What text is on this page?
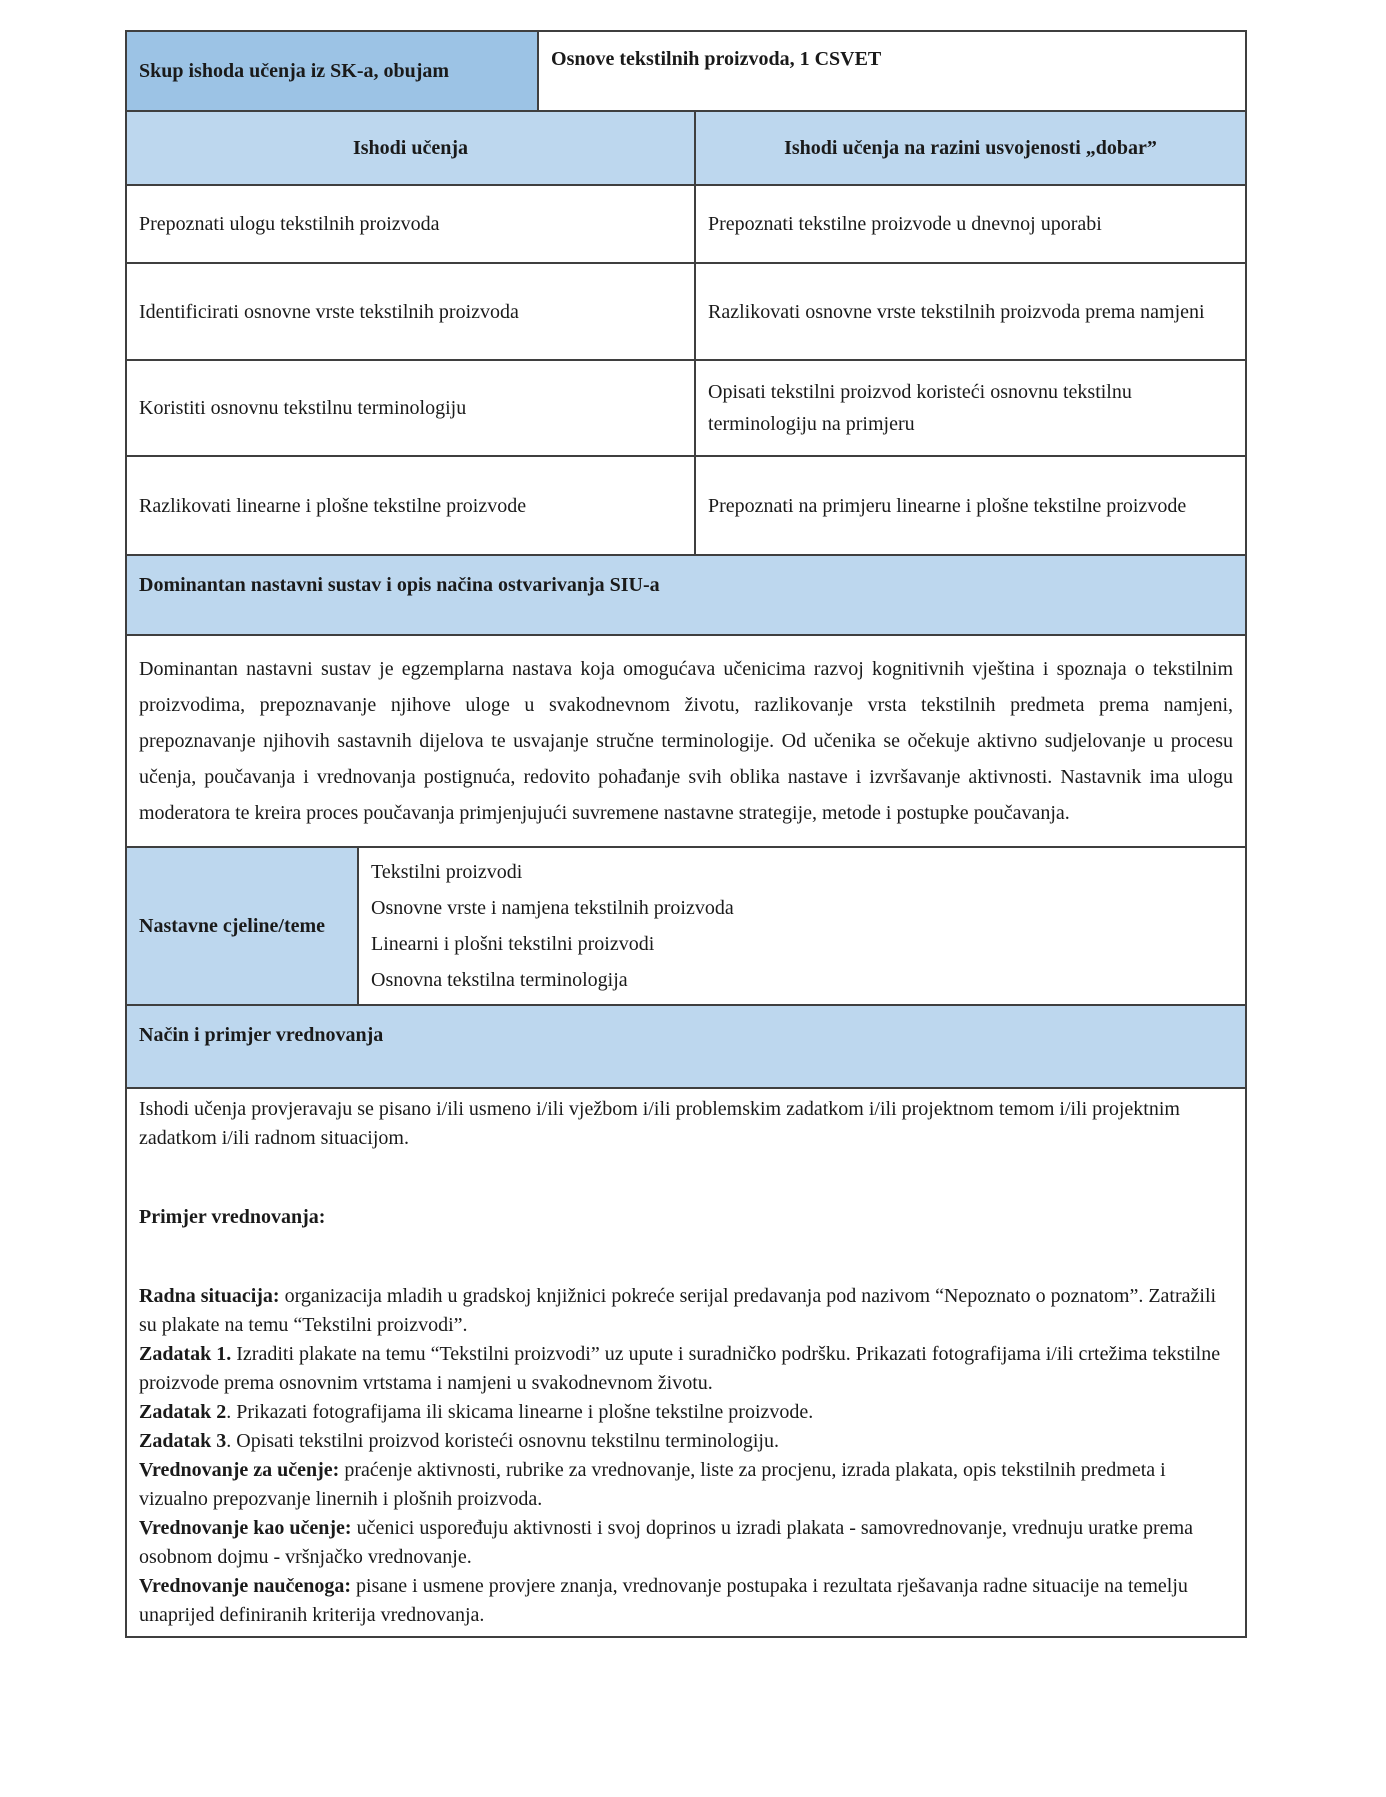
Skup ishoda učenja iz SK-a, obujam		Osnove tekstilnih proizvoda, 1 CSVET	
Ishodi učenja			Ishodi učenja na razini usvojenosti „dobar”
Prepoznati ulogu tekstilnih proizvoda			Prepoznati tekstilne proizvode u dnevnoj uporabi
Identificirati osnovne vrste tekstilnih proizvoda			Razlikovati osnovne vrste tekstilnih proizvoda prema namjeni
Koristiti osnovnu tekstilnu terminologiju			Opisati tekstilni proizvod koristeći osnovnu tekstilnu terminologiju na primjeru
Razlikovati linearne i plošne tekstilne proizvode			Prepoznati na primjeru linearne i plošne tekstilne proizvode
Dominantan nastavni sustav i opis načina ostvarivanja SIU-a			
Dominantan nastavni sustav je egzemplarna nastava koja omogućava učenicima razvoj kognitivnih vještina i spoznaja o tekstilnim proizvodima, prepoznavanje njihove uloge u svakodnevnom životu, razlikovanje vrsta tekstilnih predmeta prema namjeni, prepoznavanje njihovih sastavnih dijelova te usvajanje stručne terminologije. Od učenika se očekuje aktivno sudjelovanje u procesu učenja, poučavanja i vrednovanja postignuća, redovito pohađanje svih oblika nastave i izvršavanje aktivnosti. Nastavnik ima ulogu moderatora te kreira proces poučavanja primjenjujući suvremene nastavne strategije, metode i postupke poučavanja.			
Nastavne cjeline/teme	Tekstilni proizvodi
Osnovne vrste i namjena tekstilnih proizvoda
Linearni i plošni tekstilni proizvodi
Osnovna tekstilna terminologija		

Način i primjer vrednovanja			

Ishodi učenja provjeravaju se pisano i/ili usmeno i/ili vježbom i/ili problemskim zadatkom i/ili projektnom temom i/ili projektnim zadatkom i/ili radnom situacijom.
Primjer vrednovanja:
Radna situacija: organizacija mladih u gradskoj knjižnici pokreće serijal predavanja pod nazivom “Nepoznato o poznatom”. Zatražili su plakate na temu “Tekstilni proizvodi”.
Zadatak 1. Izraditi plakate na temu “Tekstilni proizvodi” uz upute i suradničko podršku. Prikazati fotografijama i/ili crtežima tekstilne proizvode prema osnovnim vrtstama i namjeni u svakodnevnom životu.
Zadatak 2. Prikazati fotografijama ili skicama linearne i plošne tekstilne proizvode.
Zadatak 3. Opisati tekstilni proizvod koristeći osnovnu tekstilnu terminologiju.
Vrednovanje za učenje: praćenje aktivnosti, rubrike za vrednovanje, liste za procjenu, izrada plakata, opis tekstilnih predmeta i vizualno prepozvanje linernih i plošnih proizvoda.
Vrednovanje kao učenje: učenici uspoređuju aktivnosti i svoj doprinos u izradi plakata - samovrednovanje, vrednuju uratke prema osobnom dojmu - vršnjačko vrednovanje.
Vrednovanje naučenoga: pisane i usmene provjere znanja, vrednovanje postupaka i rezultata rješavanja radne situacije na temelju unaprijed definiranih kriterija vrednovanja.
